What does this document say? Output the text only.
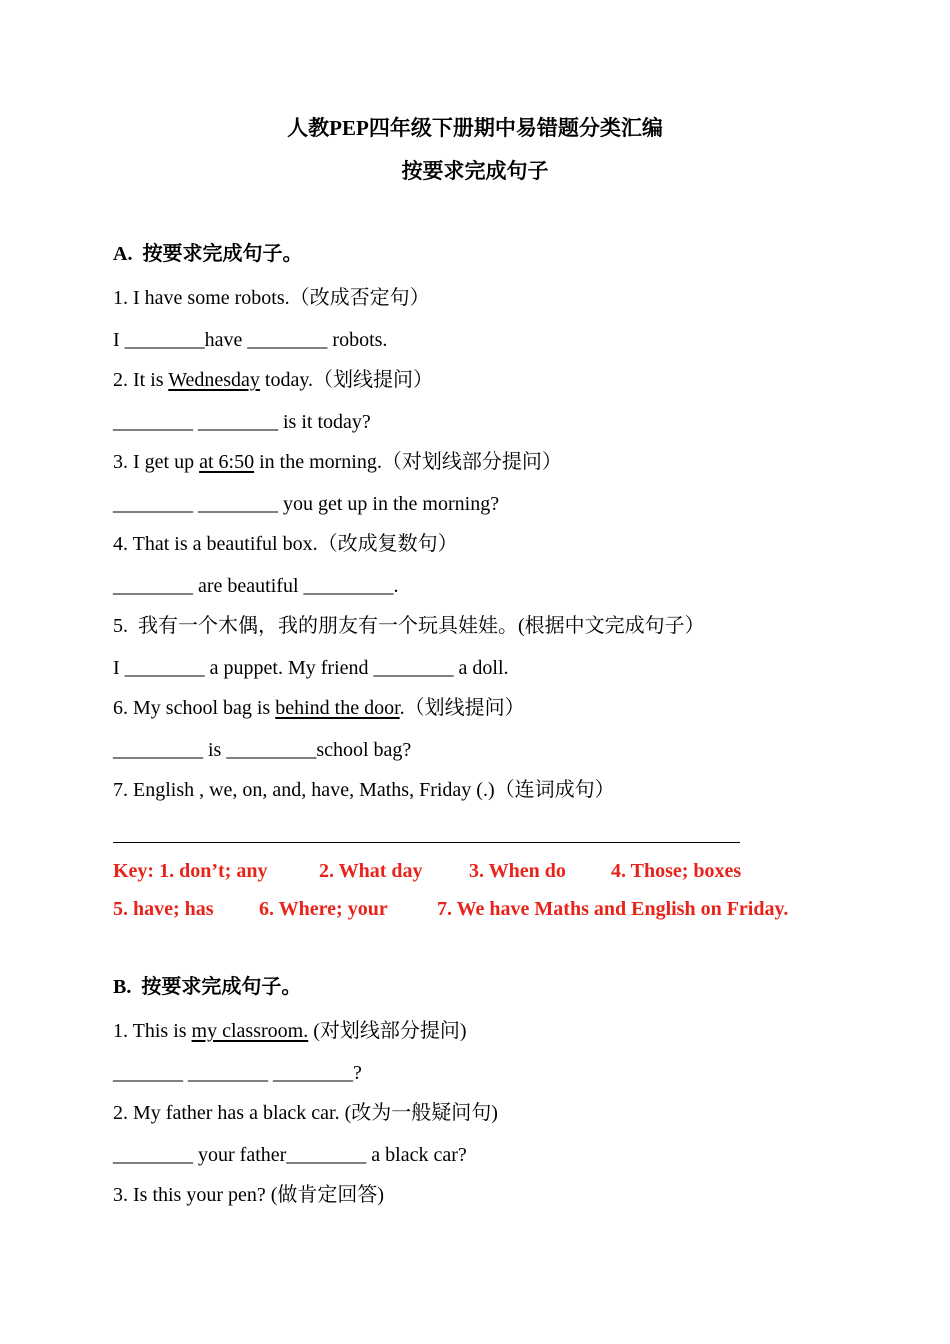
人教PEP四年级下册期中易错题分类汇编
按要求完成句子
A.  按要求完成句子。
1. I have some robots.（改成否定句）
I ________have ________ robots.
2. It is Wednesday today.（划线提问）
________ ________ is it today?
3. I get up at 6:50 in the morning.（对划线部分提问）
________ ________ you get up in the morning?
4. That is a beautiful box.（改成复数句）
________ are beautiful _________.
5.  我有一个木偶，我的朋友有一个玩具娃娃。(根据中文完成句子）
I ________ a puppet. My friend ________ a doll.
6. My school bag is behind the door.（划线提问）
_________ is _________school bag?
7. English , we, on, and, have, Maths, Friday (.)（连词成句）

Key: 1. don’t; any

	2. What day

3. When do

4. Those; boxes

5. have; has

6. Where; your

7. We have Maths and English on Friday.

B.  按要求完成句子。
1. This is my classroom. (对划线部分提问)
_______ ________ ________?
2. My father has a black car. (改为一般疑问句)
________ your father________ a black car?
3. Is this your pen? (做肯定回答)
